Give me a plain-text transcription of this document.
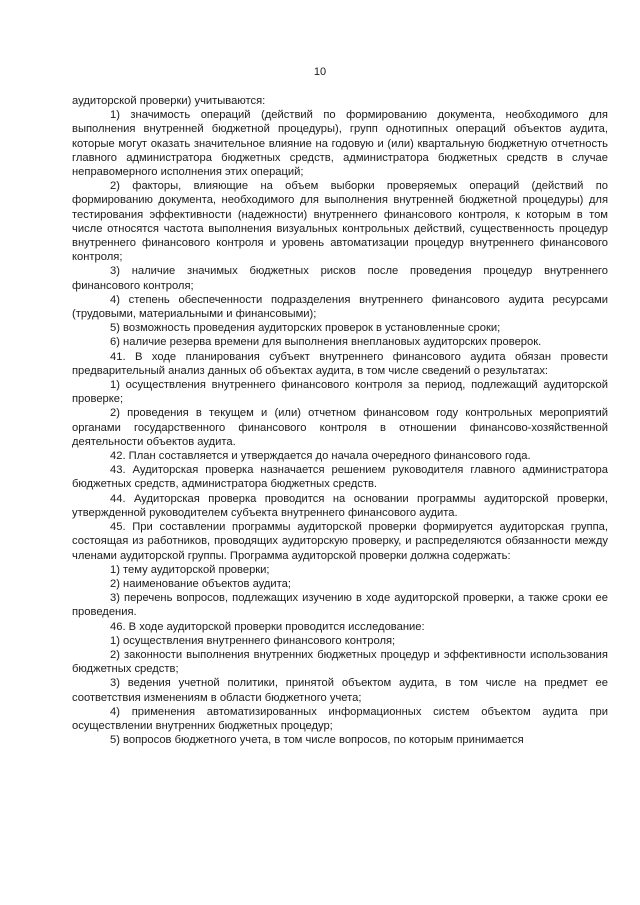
10

аудиторской проверки) учитываются:

1) значимость операций (действий по формированию документа, необходимого для выполнения внутренней бюджетной процедуры), групп однотипных операций объектов аудита, которые могут оказать значительное влияние на годовую и (или) квартальную бюджетную отчетность главного администратора бюджетных средств, администратора бюджетных средств в случае неправомерного исполнения этих операций;

2) факторы, влияющие на объем выборки проверяемых операций (действий по формированию документа, необходимого для выполнения внутренней бюджетной процедуры) для тестирования эффективности (надежности) внутреннего финансового контроля, к которым в том числе относятся частота выполнения визуальных контрольных действий, существенность процедур внутреннего финансового контроля и уровень автоматизации процедур внутреннего финансового контроля;

3) наличие значимых бюджетных рисков после проведения процедур внутреннего финансового контроля;

4) степень обеспеченности подразделения внутреннего финансового аудита ресурсами (трудовыми, материальными и финансовыми);

5) возможность проведения аудиторских проверок в установленные сроки;

6) наличие резерва времени для выполнения внеплановых аудиторских проверок.

41. В ходе планирования субъект внутреннего финансового аудита обязан провести предварительный анализ данных об объектах аудита, в том числе сведений о результатах:

1) осуществления внутреннего финансового контроля за период, подлежащий аудиторской проверке;

2) проведения в текущем и (или) отчетном финансовом году контрольных мероприятий органами государственного финансового контроля в отношении финансово-хозяйственной деятельности объектов аудита.

42. План составляется и утверждается до начала очередного финансового года.

43. Аудиторская проверка назначается решением руководителя главного администратора бюджетных средств, администратора бюджетных средств.

44. Аудиторская проверка проводится на основании программы аудиторской проверки, утвержденной руководителем субъекта внутреннего финансового аудита.

45. При составлении программы аудиторской проверки формируется аудиторская группа, состоящая из работников, проводящих аудиторскую проверку, и распределяются обязанности между членами аудиторской группы. Программа аудиторской проверки должна содержать:

1) тему аудиторской проверки;

2) наименование объектов аудита;

3) перечень вопросов, подлежащих изучению в ходе аудиторской проверки, а также сроки ее проведения.

46. В ходе аудиторской проверки проводится исследование:

1) осуществления внутреннего финансового контроля;

2) законности выполнения внутренних бюджетных процедур и эффективности использования бюджетных средств;

3) ведения учетной политики, принятой объектом аудита, в том числе на предмет ее соответствия изменениям в области бюджетного учета;

4) применения автоматизированных информационных систем объектом аудита при осуществлении внутренних бюджетных процедур;

5) вопросов бюджетного учета, в том числе вопросов, по которым принимается
